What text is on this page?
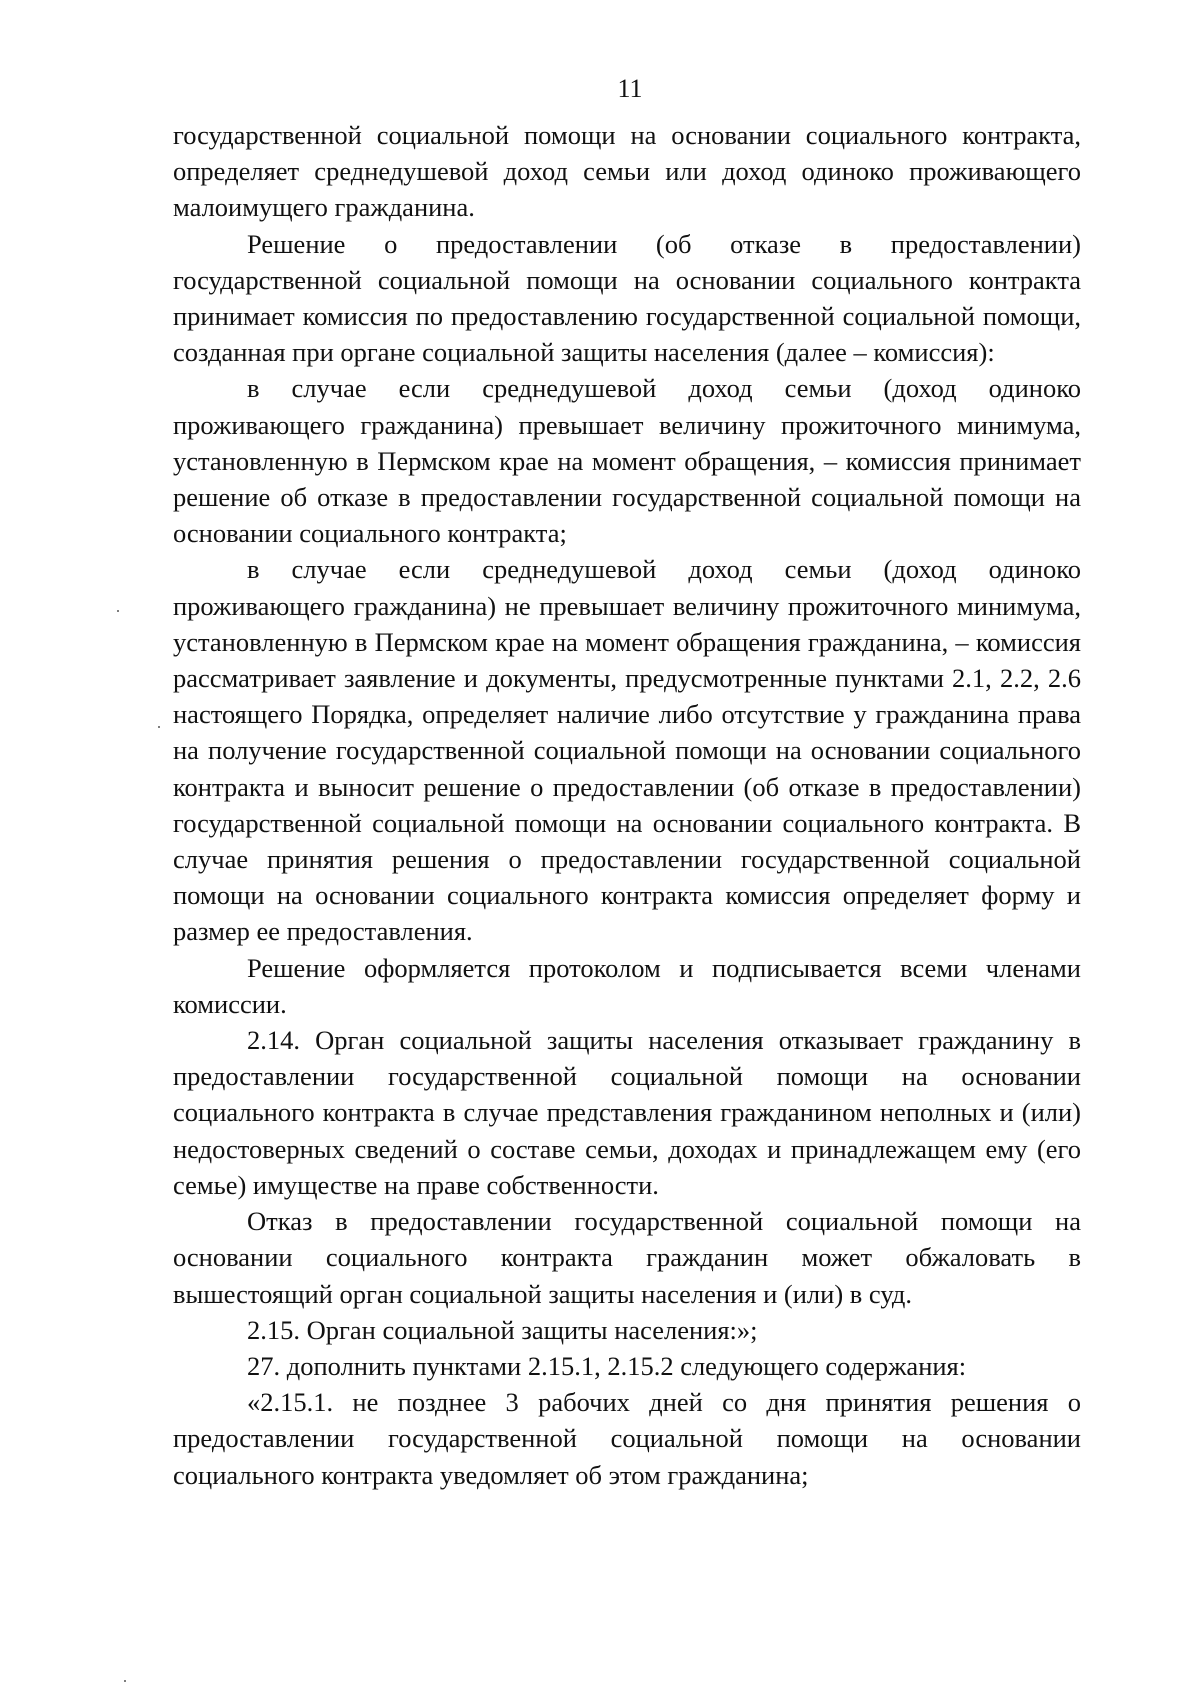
11

государственной социальной помощи на основании социального контракта, определяет среднедушевой доход семьи или доход одиноко проживающего малоимущего гражданина.

Решение о предоставлении (об отказе в предоставлении) государственной социальной помощи на основании социального контракта принимает комиссия по предоставлению государственной социальной помощи, созданная при органе социальной защиты населения (далее – комиссия):

в случае если среднедушевой доход семьи (доход одиноко проживающего гражданина) превышает величину прожиточного минимума, установленную в Пермском крае на момент обращения, – комиссия принимает решение об отказе в предоставлении государственной социальной помощи на основании социального контракта;

в случае если среднедушевой доход семьи (доход одиноко проживающего гражданина) не превышает величину прожиточного минимума, установленную в Пермском крае на момент обращения гражданина, – комиссия рассматривает заявление и документы, предусмотренные пунктами 2.1, 2.2, 2.6 настоящего Порядка, определяет наличие либо отсутствие у гражданина права на получение государственной социальной помощи на основании социального контракта и выносит решение о предоставлении (об отказе в предоставлении) государственной социальной помощи на основании социального контракта. В случае принятия решения о предоставлении государственной социальной помощи на основании социального контракта комиссия определяет форму и размер ее предоставления.

Решение оформляется протоколом и подписывается всеми членами комиссии.

2.14. Орган социальной защиты населения отказывает гражданину в предоставлении государственной социальной помощи на основании социального контракта в случае представления гражданином неполных и (или) недостоверных сведений о составе семьи, доходах и принадлежащем ему (его семье) имуществе на праве собственности.

Отказ в предоставлении государственной социальной помощи на основании социального контракта гражданин может обжаловать в вышестоящий орган социальной защиты населения и (или) в суд.

2.15. Орган социальной защиты населения:»;

27. дополнить пунктами 2.15.1, 2.15.2 следующего содержания:

«2.15.1. не позднее 3 рабочих дней со дня принятия решения о предоставлении государственной социальной помощи на основании социального контракта уведомляет об этом гражданина;
